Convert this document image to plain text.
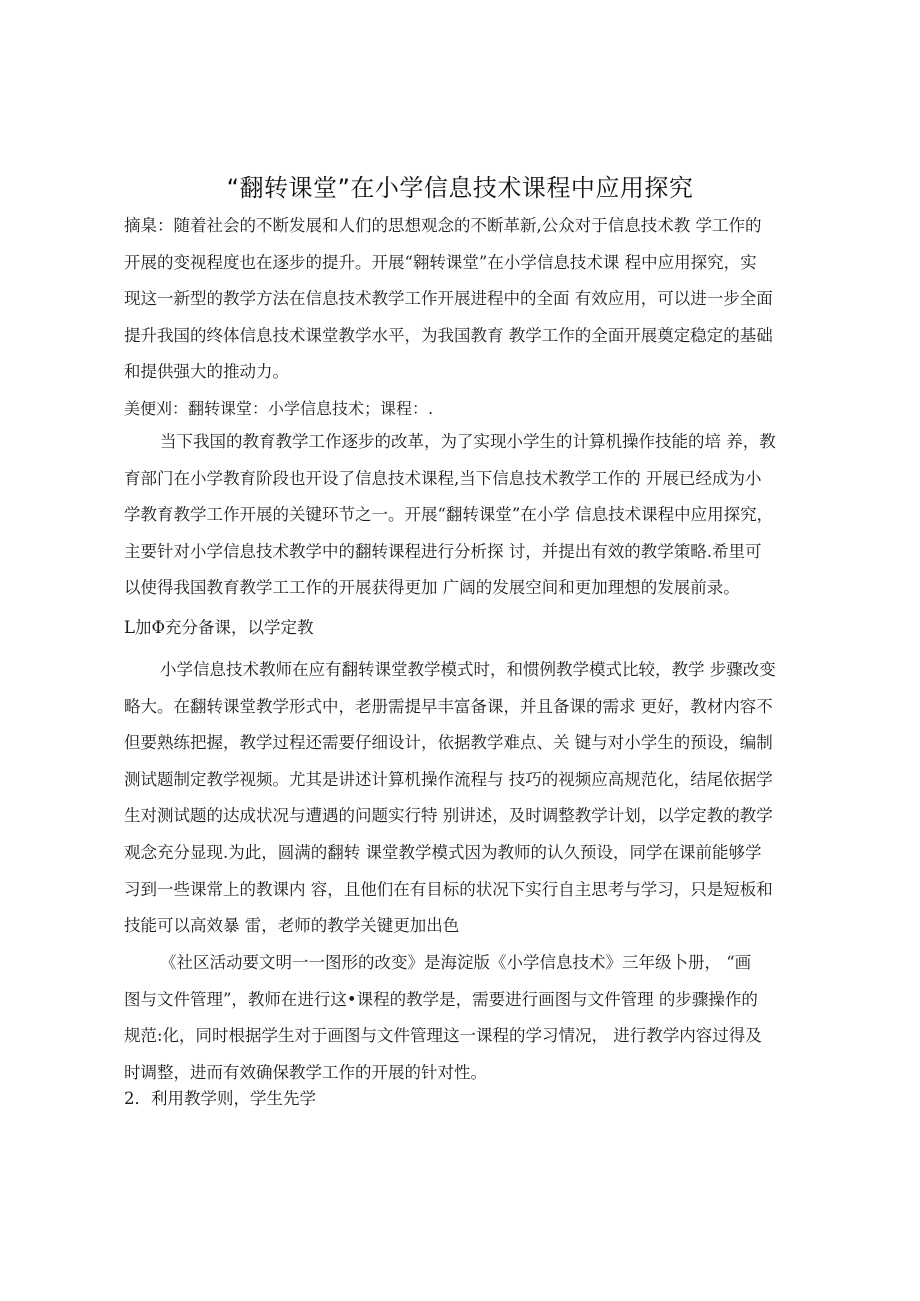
“翻转课堂”在小学信息技术课程中应用探究
摘臬：随着社会的不断发展和人们的思想观念的不断革新,公众对于信息技术教 学工作的
开展的变视程度也在逐步的提升。开展“翱转课堂”在小学信息技术课 程中应用探究，实
现这一新型的教学方法在信息技术教学工作开展进程中的全面 有效应用，可以进一步全面
提升我国的终体信息技术课堂教学水平，为我国教育 教学工作的全面开展奠定稳定的基础
和提供强大的推动力。
美便刈：翻转课堂：小学信息技术；课程：.
当下我国的教育教学工作逐步的改革，为了实现小学生的计算机操作技能的培 养，教
育部门在小学教育阶段也开设了信息技术课程,当下信息技术教学工作的 开展已经成为小
学教育教学工作开展的关键环节之一。开展“翻转课堂”在小学 信息技术课程中应用探究，
主要针对小学信息技术教学中的翻转课程进行分析探 讨，并提出有效的教学策略.希里可
以使得我国教育教学工工作的开展获得更加 广阔的发展空间和更加理想的发展前录。
L加Φ充分备课，以学定教
小学信息技术教师在应有翻转课堂教学模式时，和惯例教学模式比较，教学 步骤改变
略大。在翻转课堂教学形式中，老册需提早丰富备课，并且备课的需求 更好，教材内容不
但要熟练把握，教学过程还需要仔细设计，依据教学难点、关 键与对小学生的预设，编制
测试题制定教学视频。尤其是讲述计算机操作流程与 技巧的视频应高规范化，结尾依据学
生对测试题的达成状况与遭遇的问题实行特 别讲述，及时调整教学计划，以学定教的教学
观念充分显现.为此，圆满的翻转 课堂教学模式因为教师的认久预设，同学在课前能够学
习到一些课常上的教课内 容，且他们在有目标的状况下实行自主思考与学习，只是短板和
技能可以高效暴 雷，老师的教学关键更加出色
《社区活动要文明一一图形的改变》是海淀版《小学信息技术》三年级卜册， “画
图与文件管理”，教师在进行这•课程的教学是，需要进行画图与文件管理 的步骤操作的
规范:化，同时根据学生对于画图与文件管理这一课程的学习情况， 进行教学内容过得及
时调整，进而有效确保教学工作的开展的针对性。
2．利用教学则，学生先学
